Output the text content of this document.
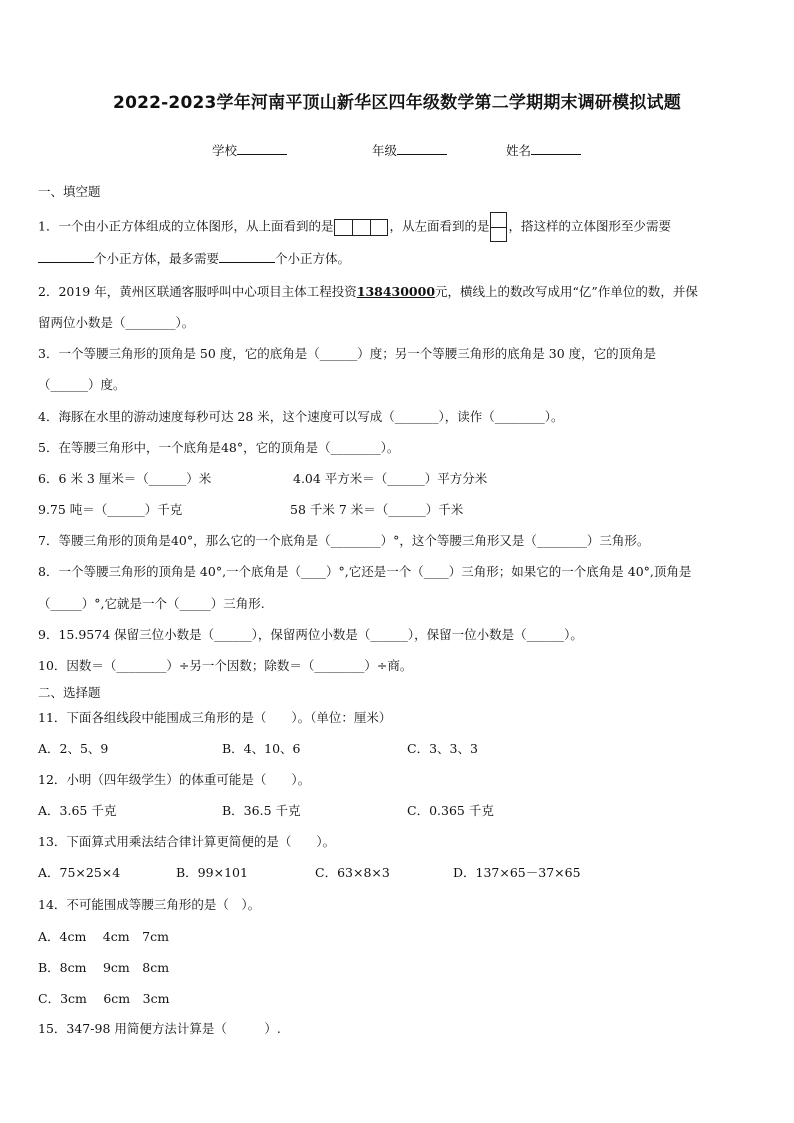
2022-2023学年河南平顶山新华区四年级数学第二学期期末调研模拟试题
学校	年级	姓名
一、填空题
1．一个由小正方体组成的立体图形，从上面看到的是	，从左面看到的是 ，搭这样的立体图形至少需要
个小正方体，最多需要	个小正方体。
2．2019 年，黄州区联通客服呼叫中心项目主体工程投资138430000元，横线上的数改写成用“亿”作单位的数，并保
留两位小数是（________）。
3．一个等腰三角形的顶角是 50 度，它的底角是（______）度；另一个等腰三角形的底角是 30 度，它的顶角是
（______）度。
4．海豚在水里的游动速度每秒可达 28 米，这个速度可以写成（_______），读作（________）。
5．在等腰三角形中，一个底角是48°，它的顶角是（________）。
6．6 米 3 厘米＝（______）米	4.04 平方米＝（______）平方分米
9.75 吨＝（______）千克	58 千米 7 米＝（______）千米
7．等腰三角形的顶角是40°，那么它的一个底角是（________）°，这个等腰三角形又是（________）三角形。
8．一个等腰三角形的顶角是 40°,一个底角是（____）°,它还是一个（____）三角形；如果它的一个底角是 40°,顶角是
（_____）°,它就是一个（_____）三角形.
9．15.9574 保留三位小数是（______），保留两位小数是（______），保留一位小数是（______）。
10．因数＝（________）÷另一个因数；除数＝（________）÷商。
二、选择题
11．下面各组线段中能围成三角形的是（　　）。（单位：厘米）
A．2、5、9	B．4、10、6	C．3、3、3
12．小明（四年级学生）的体重可能是（　　）。
A．3.65 千克	B．36.5 千克	C．0.365 千克
13．下面算式用乘法结合律计算更简便的是（　　）。
A．75×25×4	B．99×101	C．63×8×3	D．137×65－37×65
14．不可能围成等腰三角形的是（　）。
A．4cm　 4cm　7cm
B．8cm　 9cm　8cm
C．3cm　 6cm　3cm
15．347-98 用简便方法计算是（　　　）.
